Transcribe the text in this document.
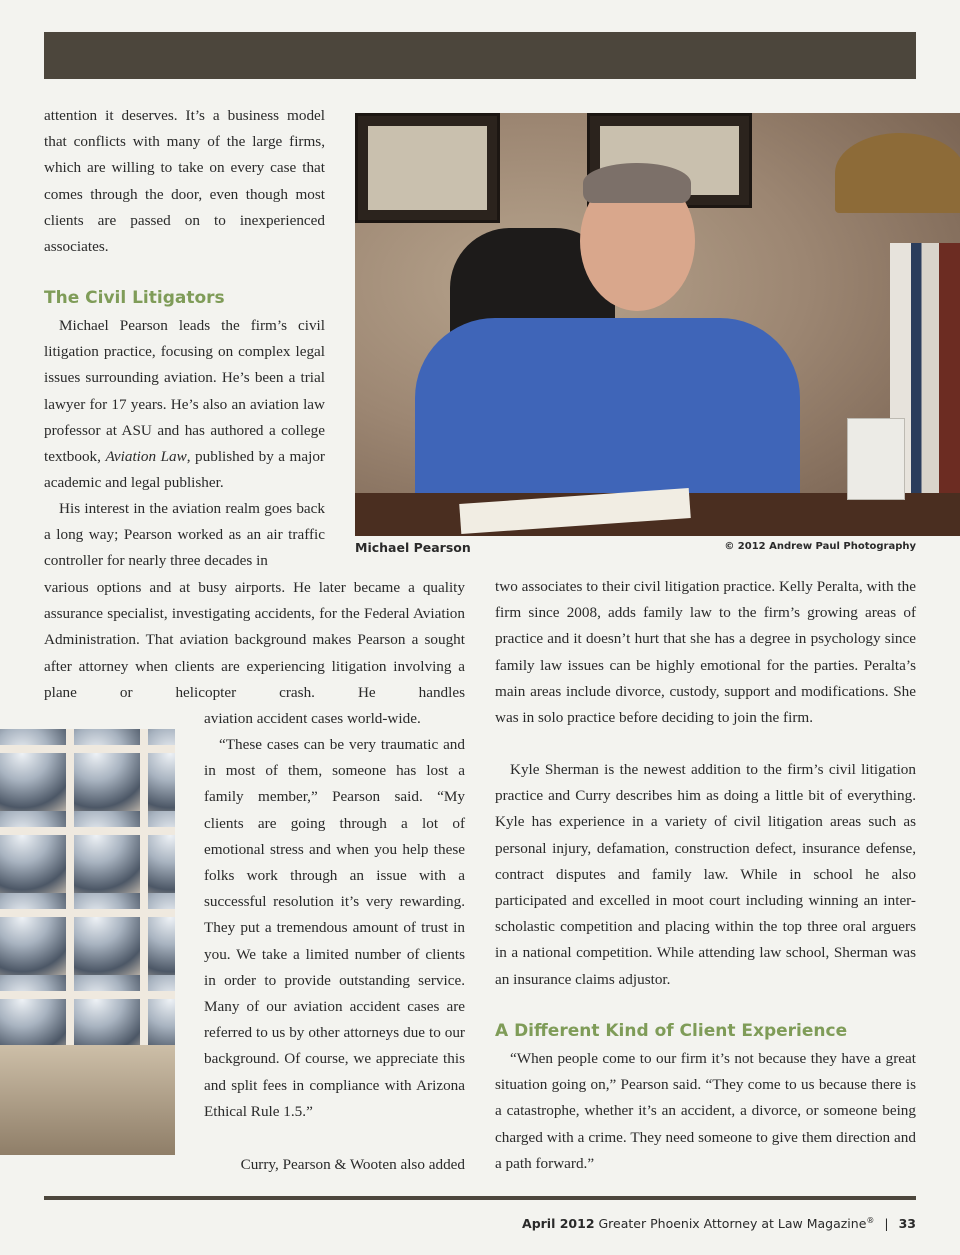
attention it deserves. It’s a business model that conflicts with many of the large firms, which are willing to take on every case that comes through the door, even though most clients are passed on to inexperienced associates.

The Civil Litigators

Michael Pearson leads the firm’s civil litigation practice, focusing on complex legal issues surrounding aviation. He’s been a trial lawyer for 17 years. He’s also an aviation law professor at ASU and has authored a college textbook, Aviation Law, published by a major academic and legal publisher.

His interest in the aviation realm goes back a long way; Pearson worked as an air traffic controller for nearly three decades in

various options and at busy airports. He later became a quality assurance specialist, investigating accidents, for the Federal Aviation Administration. That aviation background makes Pearson a sought after attorney when clients are experiencing litigation involving a plane or helicopter crash. He handles

aviation accident cases world-wide.

“These cases can be very traumatic and in most of them, someone has lost a family member,” Pearson said. “My clients are going through a lot of emotional stress and when you help these folks work through an issue with a successful resolution it’s very rewarding. They put a tremendous amount of trust in you. We take a limited number of clients in order to provide outstanding service. Many of our aviation accident cases are referred to us by other attorneys due to our background. Of course, we appreciate this and split fees in compliance with Arizona Ethical Rule 1.5.”

Curry, Pearson & Wooten also added

two associates to their civil litigation practice. Kelly Peralta, with the firm since 2008, adds family law to the firm’s growing areas of practice and it doesn’t hurt that she has a degree in psychology since family law issues can be highly emotional for the parties. Peralta’s main areas include divorce, custody, support and modifications. She was in solo practice before deciding to join the firm.

Kyle Sherman is the newest addition to the firm’s civil litigation practice and Curry describes him as doing a little bit of everything. Kyle has experience in a variety of civil litigation areas such as personal injury, defamation, construction defect, insurance defense, contract disputes and family law. While in school he also participated and excelled in moot court including winning an inter-scholastic competition and placing within the top three oral arguers in a national competition. While attending law school, Sherman was an insurance claims adjustor.

A Different Kind of Client Experience

“When people come to our firm it’s not because they have a great situation going on,” Pearson said. “They come to us because there is a catastrophe, whether it’s an accident, a divorce, or someone being charged with a crime. They need someone to give them direction and a path forward.”

Michael Pearson	© 2012 Andrew Paul Photography
April 2012 Greater Phoenix Attorney at Law Magazine® | 33
